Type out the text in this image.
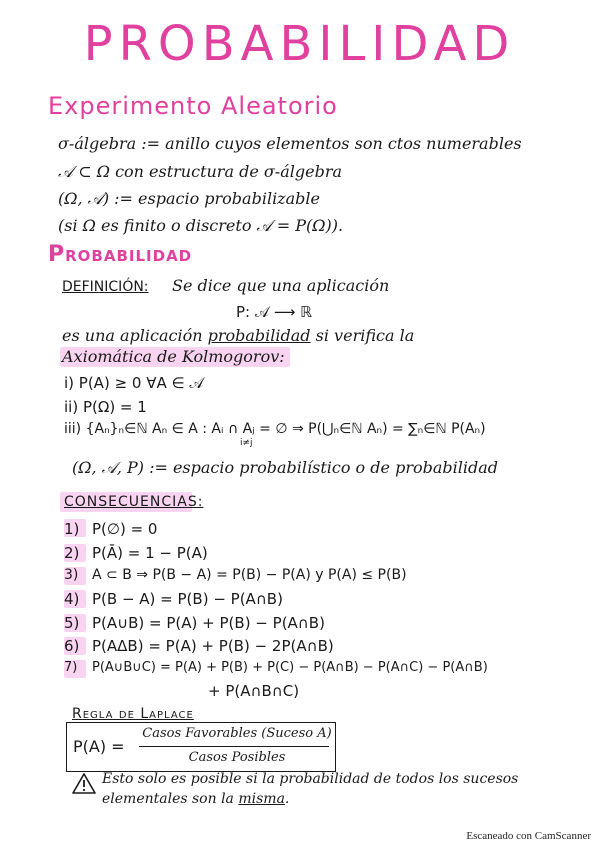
PROBABILIDAD
Experimento Aleatorio
σ-álgebra := anillo cuyos elementos son ctos numerables
𝒜 ⊂ Ω con estructura de σ-álgebra
(Ω, 𝒜) := espacio probabilizable
(si Ω es finito o discreto 𝒜 = P(Ω)).
Probabilidad
DEFINICIÓN: Se dice que una aplicación
P: 𝒜 ⟶ ℝ
es una aplicación probabilidad si verifica la
Axiomática de Kolmogorov:
i) P(A) ≥ 0 ∀A ∈ 𝒜
ii) P(Ω) = 1
iii) {Aₙ}ₙ∈ℕ Aₙ ∈ A : Aᵢ ∩ Aⱼ = ∅ ⇒ P(⋃ₙ∈ℕ Aₙ) = ∑ₙ∈ℕ P(Aₙ)
i≠j
(Ω, 𝒜, P) := espacio probabilístico o de probabilidad
CONSECUENCIAS:
1) P(∅) = 0
2) P(Ā) = 1 − P(A)
3) A ⊂ B ⇒ P(B − A) = P(B) − P(A) y P(A) ≤ P(B)
4) P(B − A) = P(B) − P(A∩B)
5) P(A∪B) = P(A) + P(B) − P(A∩B)
6) P(AΔB) = P(A) + P(B) − 2P(A∩B)
7) P(A∪B∪C) = P(A) + P(B) + P(C) − P(A∩B) − P(A∩C) − P(A∩B)
+ P(A∩B∩C)
Regla de Laplace
P(A) =
Casos Favorables (Suceso A)
Casos Posibles
Esto solo es posible si la probabilidad de todos los sucesos
elementales son la misma.
Escaneado con CamScanner
